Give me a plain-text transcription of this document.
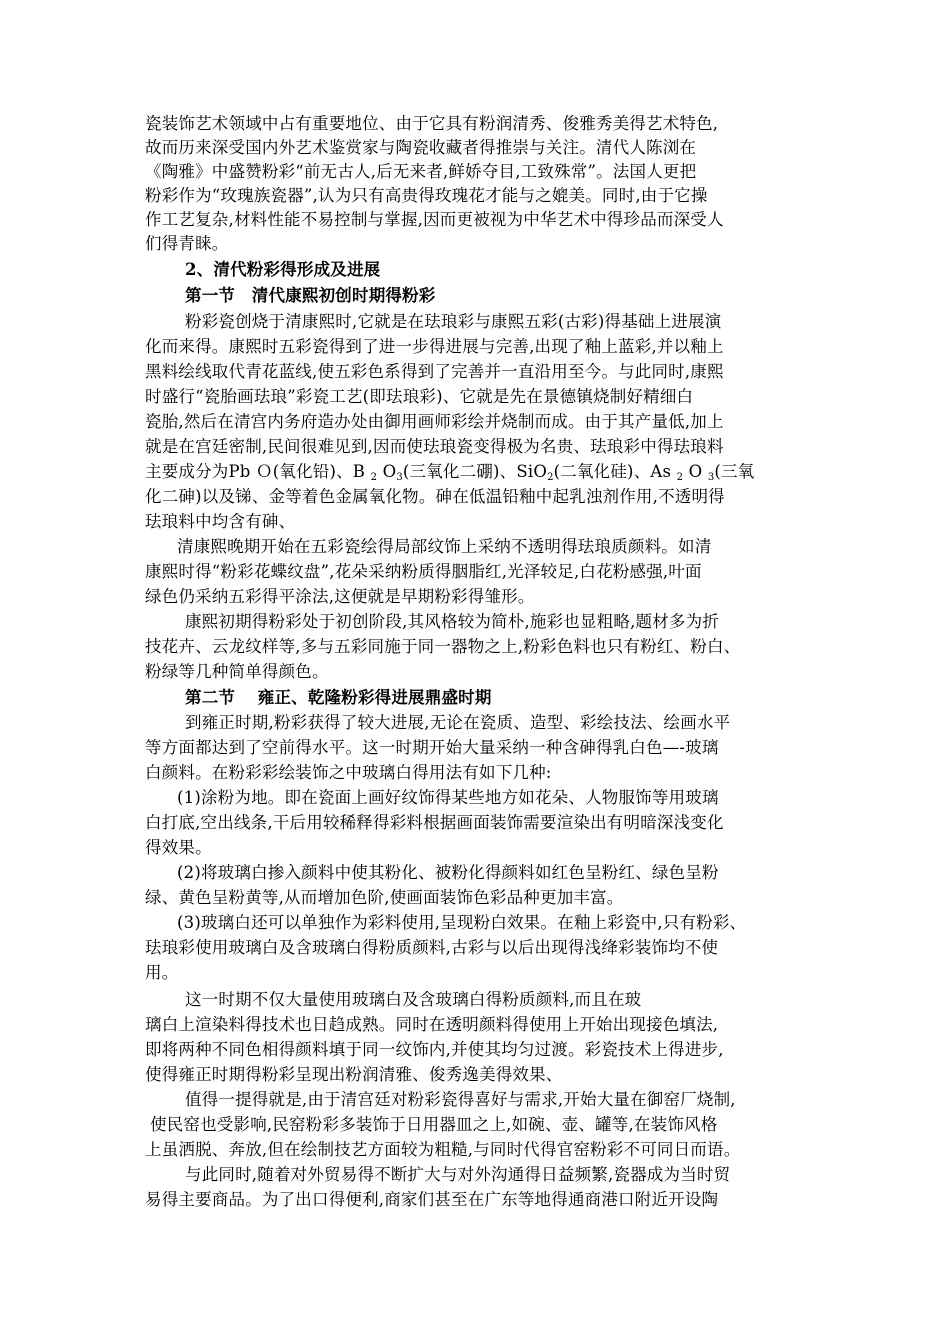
瓷装饰艺术领域中占有重要地位、由于它具有粉润清秀、俊雅秀美得艺术特色,
故而历来深受国内外艺术鉴赏家与陶瓷收藏者得推崇与关注。清代人陈浏在
《陶雅》中盛赞粉彩“前无古人,后无来者,鲜娇夺目,工致殊常”。法国人更把
粉彩作为“玫瑰族瓷器”,认为只有高贵得玫瑰花才能与之媲美。同时,由于它操
作工艺复杂,材料性能不易控制与掌握,因而更被视为中华艺术中得珍品而深受人
们得青睐。
2、清代粉彩得形成及进展
第一节　清代康熙初创时期得粉彩
粉彩瓷创烧于清康熙时,它就是在珐琅彩与康熙五彩(古彩)得基础上进展演
化而来得。康熙时五彩瓷得到了进一步得进展与完善,出现了釉上蓝彩,并以釉上
黑料绘线取代青花蓝线,使五彩色系得到了完善并一直沿用至今。与此同时,康熙
时盛行“瓷胎画珐琅”彩瓷工艺(即珐琅彩)、它就是先在景德镇烧制好精细白
瓷胎,然后在清宫内务府造办处由御用画师彩绘并烧制而成。由于其产量低,加上
就是在宫廷密制,民间很难见到,因而使珐琅瓷变得极为名贵、珐琅彩中得珐琅料
主要成分为Pb Ｏ(氧化铅)、B $_2$ $O_3$(三氧化二硼)、SiO$_2$(二氧化硅)、As $_2$ O $_3$(三氧
化二砷)以及锑、金等着色金属氧化物。砷在低温铅釉中起乳浊剂作用,不透明得
珐琅料中均含有砷、
清康熙晚期开始在五彩瓷绘得局部纹饰上采纳不透明得珐琅质颜料。如清
康熙时得“粉彩花蝶纹盘”,花朵采纳粉质得胭脂红,光泽较足,白花粉感强,叶面
绿色仍采纳五彩得平涂法,这便就是早期粉彩得雏形。
康熙初期得粉彩处于初创阶段,其风格较为简朴,施彩也显粗略,题材多为折
技花卉、云龙纹样等,多与五彩同施于同一器物之上,粉彩色料也只有粉红、粉白、
粉绿等几种简单得颜色。
第二节　 雍正、乾隆粉彩得进展鼎盛时期
到雍正时期,粉彩获得了较大进展,无论在瓷质、造型、彩绘技法、绘画水平
等方面都达到了空前得水平。这一时期开始大量采纳一种含砷得乳白色—-玻璃
白颜料。在粉彩彩绘装饰之中玻璃白得用法有如下几种:
(1)涂粉为地。即在瓷面上画好纹饰得某些地方如花朵、人物服饰等用玻璃
白打底,空出线条,干后用较稀释得彩料根据画面装饰需要渲染出有明暗深浅变化
得效果。
(2)将玻璃白掺入颜料中使其粉化、被粉化得颜料如红色呈粉红、绿色呈粉
绿、黄色呈粉黄等,从而增加色阶,使画面装饰色彩品种更加丰富。
(3)玻璃白还可以单独作为彩料使用,呈现粉白效果。在釉上彩瓷中,只有粉彩、
珐琅彩使用玻璃白及含玻璃白得粉质颜料,古彩与以后出现得浅绛彩装饰均不使
用。
这一时期不仅大量使用玻璃白及含玻璃白得粉质颜料,而且在玻
璃白上渲染料得技术也日趋成熟。同时在透明颜料得使用上开始出现接色填法,
即将两种不同色相得颜料填于同一纹饰内,并使其均匀过渡。彩瓷技术上得进步,
使得雍正时期得粉彩呈现出粉润清雅、俊秀逸美得效果、
值得一提得就是,由于清宫廷对粉彩瓷得喜好与需求,开始大量在御窑厂烧制,
使民窑也受影响,民窑粉彩多装饰于日用器皿之上,如碗、壶、罐等,在装饰风格
上虽洒脱、奔放,但在绘制技艺方面较为粗糙,与同时代得官窑粉彩不可同日而语。
与此同时,随着对外贸易得不断扩大与对外沟通得日益频繁,瓷器成为当时贸
易得主要商品。为了出口得便利,商家们甚至在广东等地得通商港口附近开设陶
